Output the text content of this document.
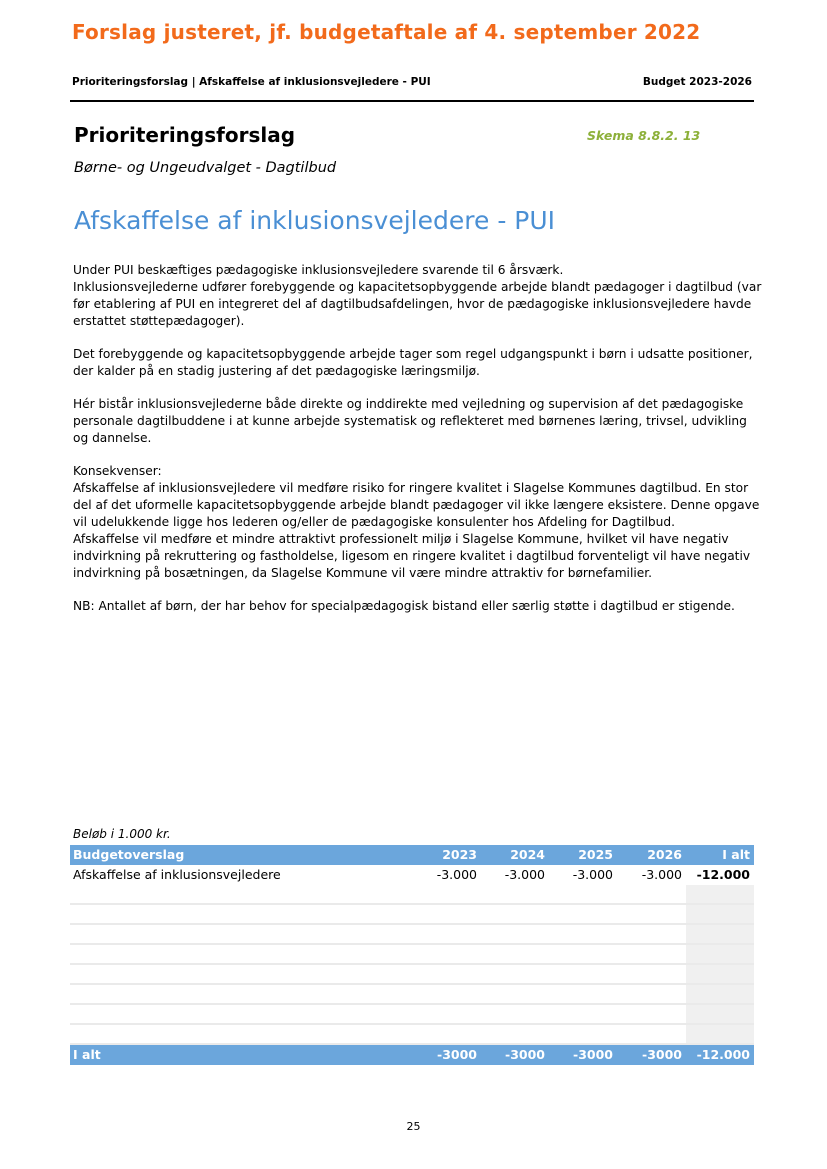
Forslag justeret, jf. budgetaftale af 4. september 2022
Prioriteringsforslag | Afskaffelse af inklusionsvejledere - PUI	Budget 2023-2026
Prioriteringsforslag	Skema 8.8.2. 13
Børne- og Ungeudvalget - Dagtilbud
Afskaffelse af inklusionsvejledere - PUI

Under PUI beskæftiges pædagogiske inklusionsvejledere svarende til 6 årsværk.
Inklusionsvejlederne udfører forebyggende og kapacitetsopbyggende arbejde blandt pædagoger i dagtilbud (var før etablering af PUI en integreret del af dagtilbudsafdelingen, hvor de pædagogiske inklusionsvejledere havde erstattet støttepædagoger).

Det forebyggende og kapacitetsopbyggende arbejde tager som regel udgangspunkt i børn i udsatte positioner, der kalder på en stadig justering af det pædagogiske læringsmiljø.

Hér bistår inklusionsvejlederne både direkte og inddirekte med vejledning og supervision af det pædagogiske personale dagtilbuddene i at kunne arbejde systematisk og reflekteret med børnenes læring, trivsel, udvikling og dannelse.

Konsekvenser:
Afskaffelse af inklusionsvejledere vil medføre risiko for ringere kvalitet i Slagelse Kommunes dagtilbud. En stor del af det uformelle kapacitetsopbyggende arbejde blandt pædagoger vil ikke længere eksistere. Denne opgave vil udelukkende ligge hos lederen og/eller de pædagogiske konsulenter hos Afdeling for Dagtilbud.
Afskaffelse vil medføre et mindre attraktivt professionelt miljø i Slagelse Kommune, hvilket vil have negativ indvirkning på rekruttering og fastholdelse, ligesom en ringere kvalitet i dagtilbud forventeligt vil have negativ indvirkning på bosætningen, da Slagelse Kommune vil være mindre attraktiv for børnefamilier.

NB: Antallet af børn, der har behov for specialpædagogisk bistand eller særlig støtte i dagtilbud er stigende.

Beløb i 1.000 kr.
Budgetoverslag	2023	2024	2025	2026	I alt
Afskaffelse af inklusionsvejledere	-3.000 -3.000 -3.000 -3.000 -12.000
I alt	-3000 -3000 -3000 -3000 -12.000
25
